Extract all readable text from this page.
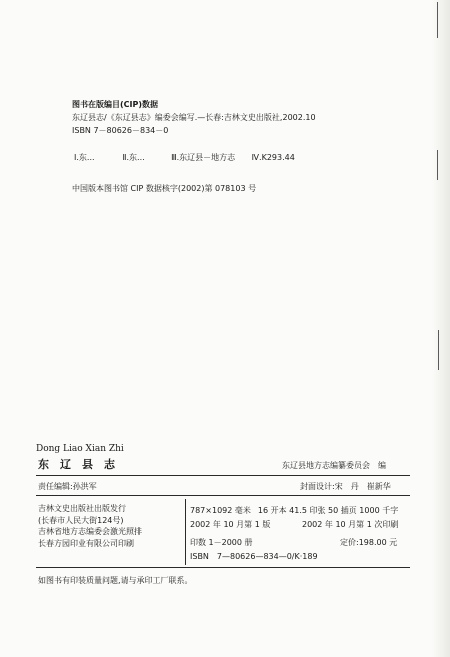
图书在版编目(CIP)数据
东辽县志/《东辽县志》编委会编写.—长春:吉林文史出版社,2002.10
ISBN 7－80626－834－0
Ⅰ.东...	Ⅱ.东...	Ⅲ.东辽县－地方志 Ⅳ.K293.44
中国版本图书馆 CIP 数据核字(2002)第 078103 号
Dong Liao Xian Zhi
东　辽　县　志	东辽县地方志编纂委员会　编
责任编辑:孙洪军	封面设计:宋　丹　崔新华
吉林文史出版社出版发行
(长春市人民大街124号)
吉林省地方志编委会激光照排
长春方园印业有限公司印刷
787×1092 毫米 16 开本 41.5 印张 50 插页 1000 千字
2002 年 10 月第 1 版	2002 年 10 月第 1 次印刷
印数 1－2000 册	定价:198.00 元
ISBN　7—80626—834—0/K·189
如图书有印装质量问题,请与承印工厂联系。
